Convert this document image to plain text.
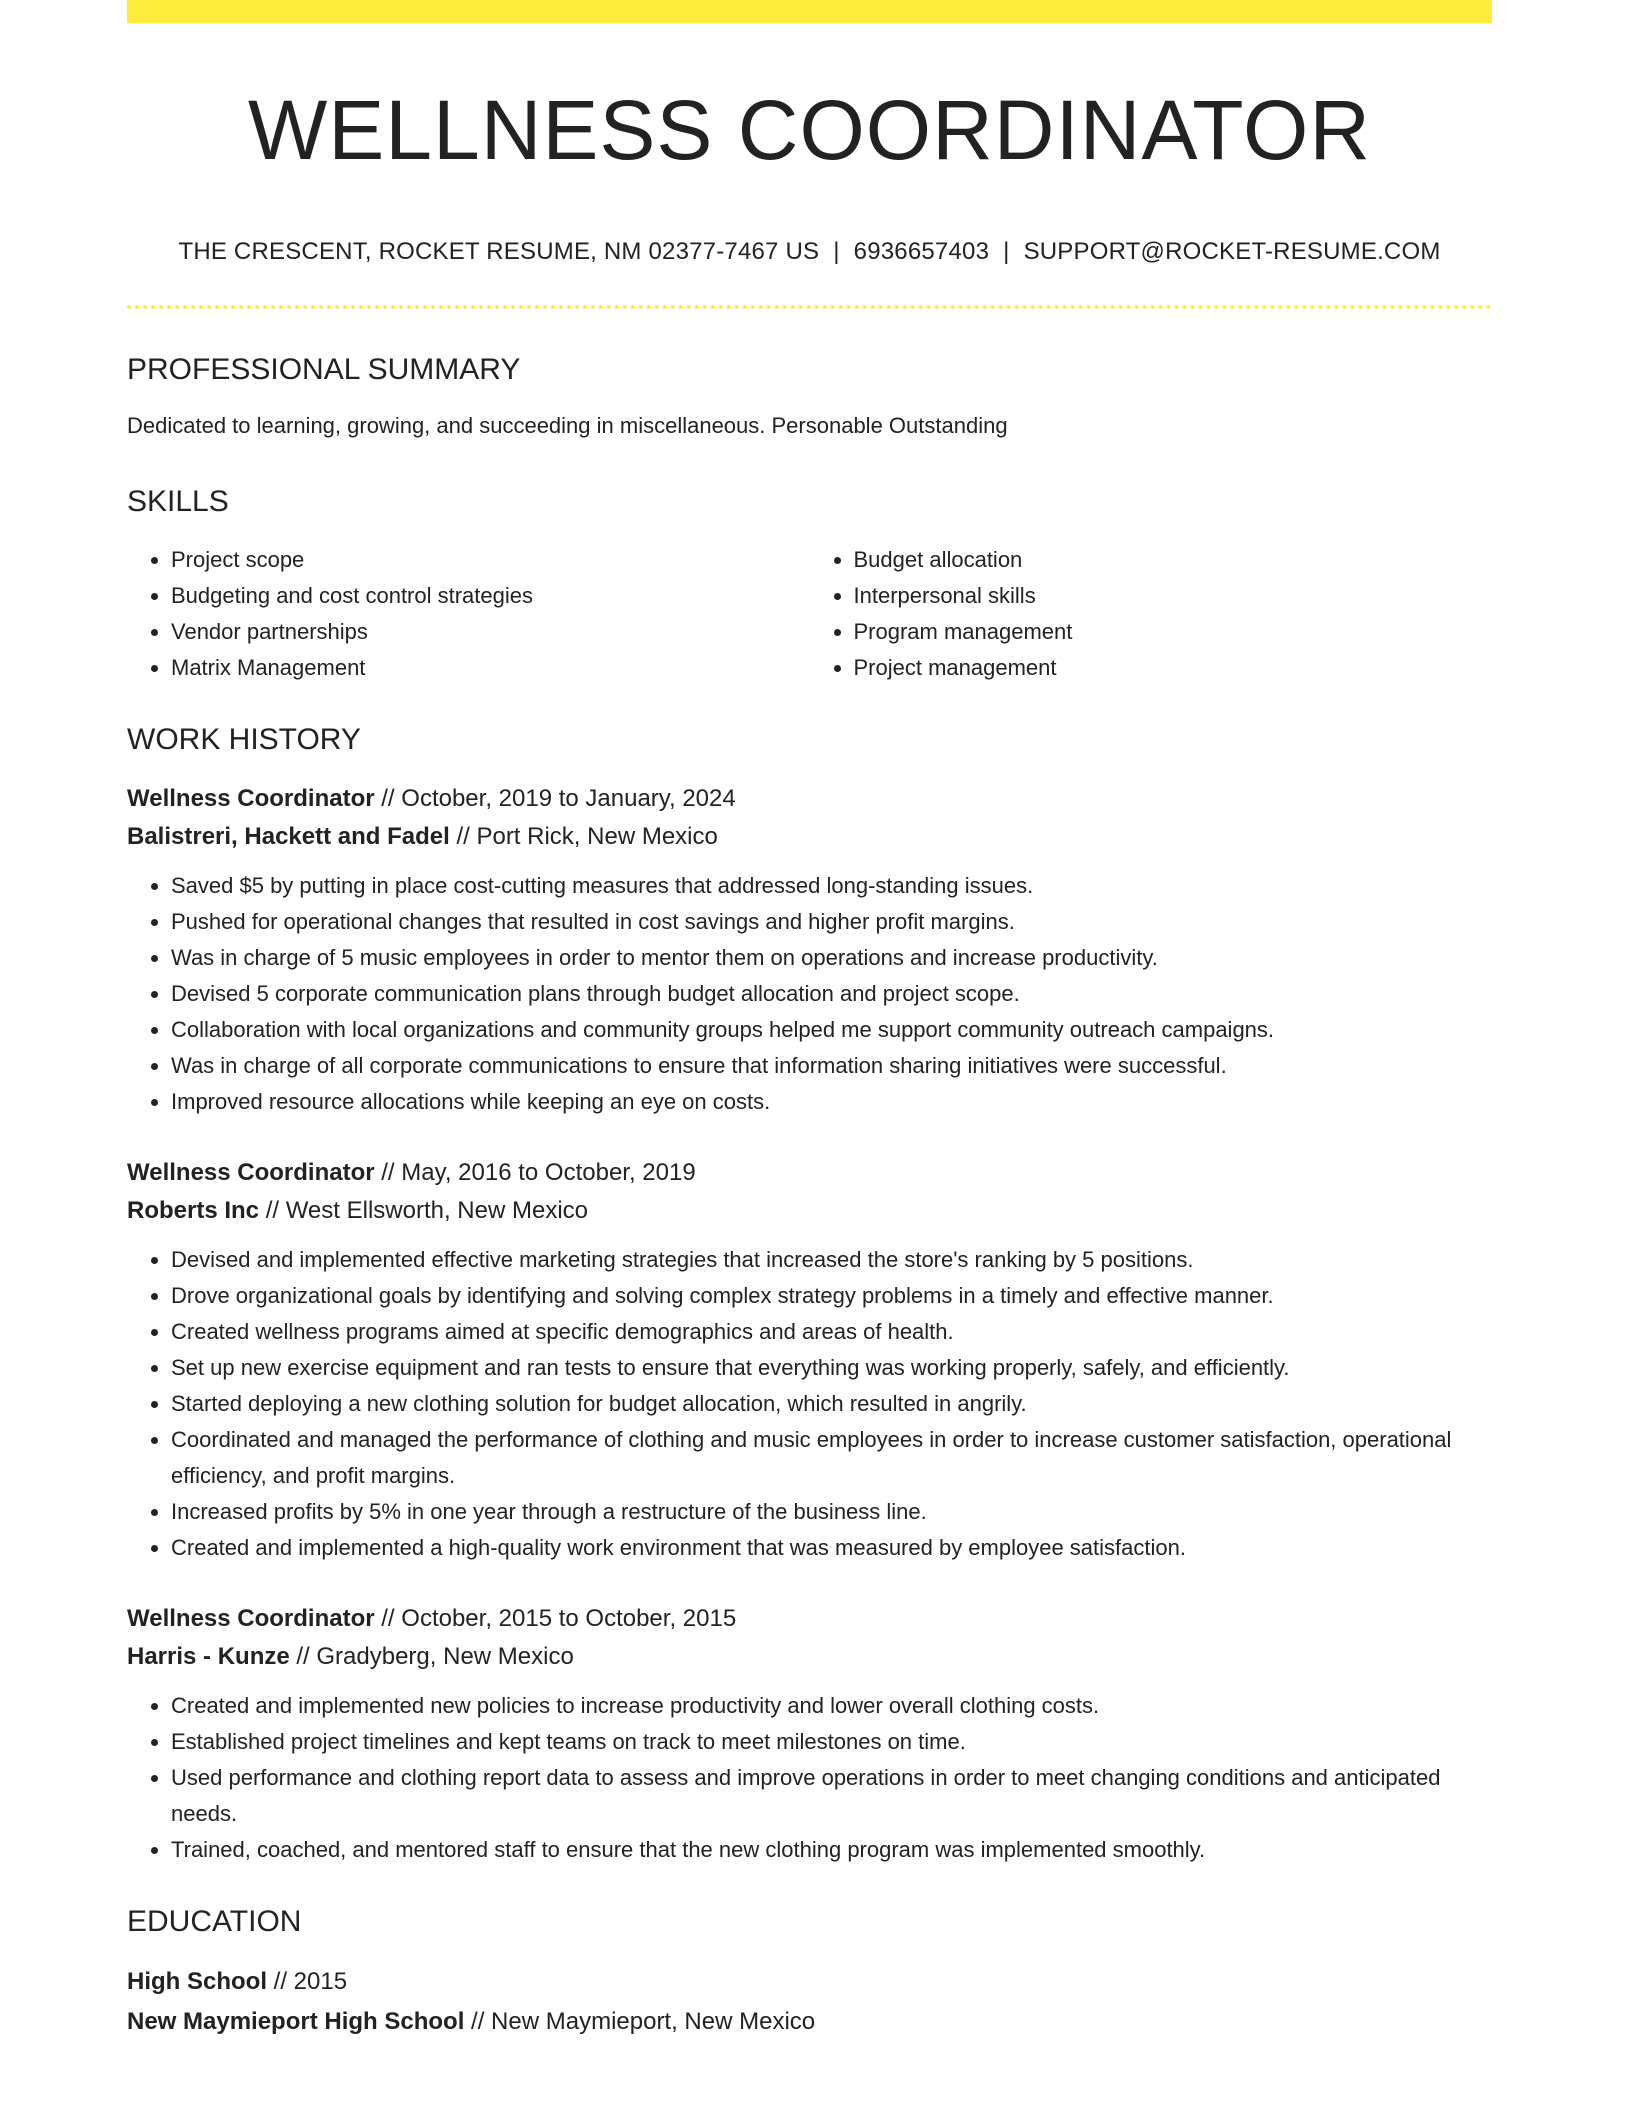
WELLNESS COORDINATOR
THE CRESCENT, ROCKET RESUME, NM 02377-7467 US | 6936657403 | SUPPORT@ROCKET-RESUME.COM
PROFESSIONAL SUMMARY

Dedicated to learning, growing, and succeeding in miscellaneous. Personable Outstanding

SKILLS
• Project scope
• Budgeting and cost control strategies
• Vendor partnerships
• Matrix Management
• Budget allocation
• Interpersonal skills
• Program management
• Project management
WORK HISTORY
Wellness Coordinator // October, 2019 to January, 2024
Balistreri, Hackett and Fadel // Port Rick, New Mexico
• Saved $5 by putting in place cost-cutting measures that addressed long-standing issues.
• Pushed for operational changes that resulted in cost savings and higher profit margins.
• Was in charge of 5 music employees in order to mentor them on operations and increase productivity.
• Devised 5 corporate communication plans through budget allocation and project scope.
• Collaboration with local organizations and community groups helped me support community outreach campaigns.
• Was in charge of all corporate communications to ensure that information sharing initiatives were successful.
• Improved resource allocations while keeping an eye on costs.
Wellness Coordinator // May, 2016 to October, 2019
Roberts Inc // West Ellsworth, New Mexico
• Devised and implemented effective marketing strategies that increased the store's ranking by 5 positions.
• Drove organizational goals by identifying and solving complex strategy problems in a timely and effective manner.
• Created wellness programs aimed at specific demographics and areas of health.
• Set up new exercise equipment and ran tests to ensure that everything was working properly, safely, and efficiently.
• Started deploying a new clothing solution for budget allocation, which resulted in angrily.
• Coordinated and managed the performance of clothing and music employees in order to increase customer satisfaction, operational efficiency, and profit margins.
• Increased profits by 5% in one year through a restructure of the business line.
• Created and implemented a high-quality work environment that was measured by employee satisfaction.
Wellness Coordinator // October, 2015 to October, 2015
Harris - Kunze // Gradyberg, New Mexico
• Created and implemented new policies to increase productivity and lower overall clothing costs.
• Established project timelines and kept teams on track to meet milestones on time.
• Used performance and clothing report data to assess and improve operations in order to meet changing conditions and anticipated needs.
• Trained, coached, and mentored staff to ensure that the new clothing program was implemented smoothly.
EDUCATION
High School // 2015
New Maymieport High School // New Maymieport, New Mexico
